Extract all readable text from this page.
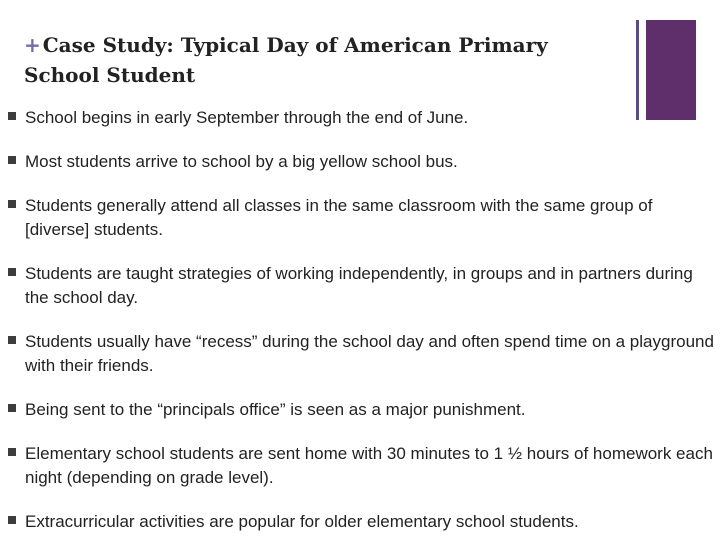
+ Case Study: Typical Day of American Primary School Student
School begins in early September through the end of June.
Most students arrive to school by a big yellow school bus.
Students generally attend all classes in the same classroom with the same group of [diverse] students.
Students are taught strategies of working independently, in groups and in partners during the school day.
Students usually have “recess” during the school day and often spend time on a playground with their friends.
Being sent to the “principals office” is seen as a major punishment.
Elementary school students are sent home with 30 minutes to 1 ½ hours of homework each night (depending on grade level).
Extracurricular activities are popular for older elementary school students.
